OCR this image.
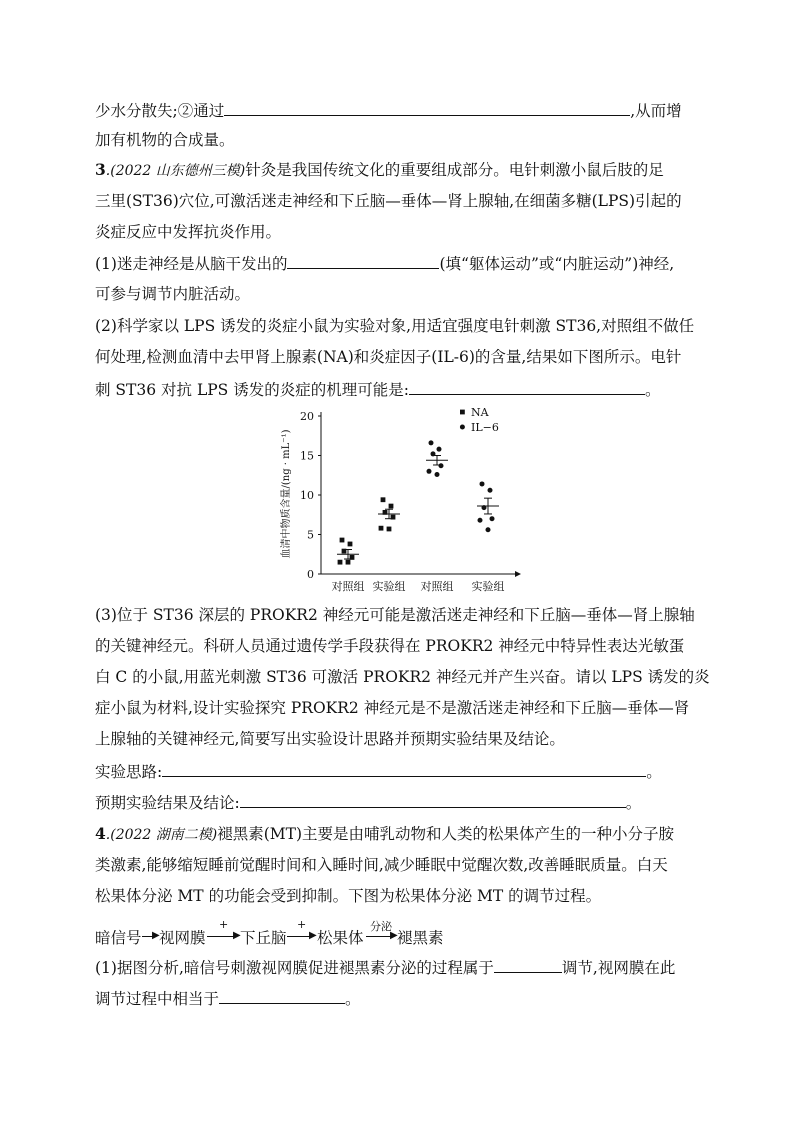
少水分散失;②通过	,从而增
加有机物的合成量。
3.(2022 山东德州三模)针灸是我国传统文化的重要组成部分。电针刺激小鼠后肢的足
三里(ST36)穴位,可激活迷走神经和下丘脑—垂体—肾上腺轴,在细菌多糖(LPS)引起的
炎症反应中发挥抗炎作用。
(1)迷走神经是从脑干发出的	(填“躯体运动”或“内脏运动”)神经,
可参与调节内脏活动。
(2)科学家以 LPS 诱发的炎症小鼠为实验对象,用适宜强度电针刺激 ST36,对照组不做任
何处理,检测血清中去甲肾上腺素(NA)和炎症因子(IL-6)的含量,结果如下图所示。电针
刺 ST36 对抗 LPS 诱发的炎症的机理可能是:	。
0
5
10
15
20
对照组 实验组 对照组 实验组
NA
IL−6
血清中物质含量/(ng · mL⁻¹)
(3)位于 ST36 深层的 PROKR2 神经元可能是激活迷走神经和下丘脑—垂体—肾上腺轴
的关键神经元。科研人员通过遗传学手段获得在 PROKR2 神经元中特异性表达光敏蛋
白 C 的小鼠,用蓝光刺激 ST36 可激活 PROKR2 神经元并产生兴奋。请以 LPS 诱发的炎
症小鼠为材料,设计实验探究 PROKR2 神经元是不是激活迷走神经和下丘脑—垂体—肾
上腺轴的关键神经元,简要写出实验设计思路并预期实验结果及结论。
实验思路:	。
预期实验结果及结论:	。
4.(2022 湖南二模)褪黑素(MT)主要是由哺乳动物和人类的松果体产生的一种小分子胺
类激素,能够缩短睡前觉醒时间和入睡时间,减少睡眠中觉醒次数,改善睡眠质量。白天
松果体分泌 MT 的功能会受到抑制。下图为松果体分泌 MT 的调节过程。
暗信号 ▶ 视网膜
+
▶ 下丘脑
+
▶ 松果体
分泌
▶ 褪黑素
(1)据图分析,暗信号刺激视网膜促进褪黑素分泌的过程属于	调节,视网膜在此
调节过程中相当于	。
